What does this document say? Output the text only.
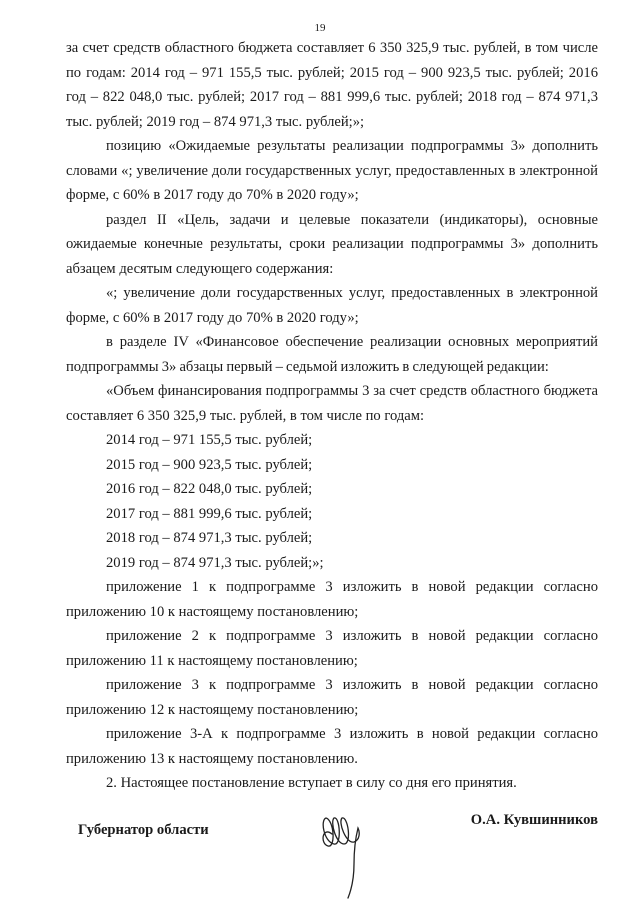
19

за счет средств областного бюджета составляет 6 350 325,9 тыс. рублей, в том числе по годам: 2014 год – 971 155,5 тыс. рублей; 2015 год – 900 923,5 тыс. рублей; 2016 год – 822 048,0 тыс. рублей; 2017 год – 881 999,6 тыс. рублей; 2018 год – 874 971,3 тыс. рублей; 2019 год – 874 971,3 тыс. рублей;»;

позицию «Ожидаемые результаты реализации подпрограммы 3» дополнить словами «; увеличение доли государственных услуг, предоставленных в электронной форме, с 60% в 2017 году до 70% в 2020 году»;

раздел II «Цель, задачи и целевые показатели (индикаторы), основные ожидаемые конечные результаты, сроки реализации подпрограммы 3» дополнить абзацем десятым следующего содержания:

«; увеличение доли государственных услуг, предоставленных в электронной форме, с 60% в 2017 году до 70% в 2020 году»;

в разделе IV «Финансовое обеспечение реализации основных мероприятий подпрограммы 3» абзацы первый – седьмой изложить в следующей редакции:

«Объем финансирования подпрограммы 3 за счет средств областного бюджета составляет 6 350 325,9 тыс. рублей, в том числе по годам:

2014 год – 971 155,5 тыс. рублей;

2015 год – 900 923,5 тыс. рублей;

2016 год – 822 048,0 тыс. рублей;

2017 год – 881 999,6 тыс. рублей;

2018 год – 874 971,3 тыс. рублей;

2019 год – 874 971,3 тыс. рублей;»;

приложение 1 к подпрограмме 3 изложить в новой редакции согласно приложению 10 к настоящему постановлению;

приложение 2 к подпрограмме 3 изложить в новой редакции согласно приложению 11 к настоящему постановлению;

приложение 3 к подпрограмме 3 изложить в новой редакции согласно приложению 12 к настоящему постановлению;

приложение 3-А к подпрограмме 3 изложить в новой редакции согласно приложению 13 к настоящему постановлению.

2. Настоящее постановление вступает в силу со дня его принятия.

Губернатор области
О.А. Кувшинников
